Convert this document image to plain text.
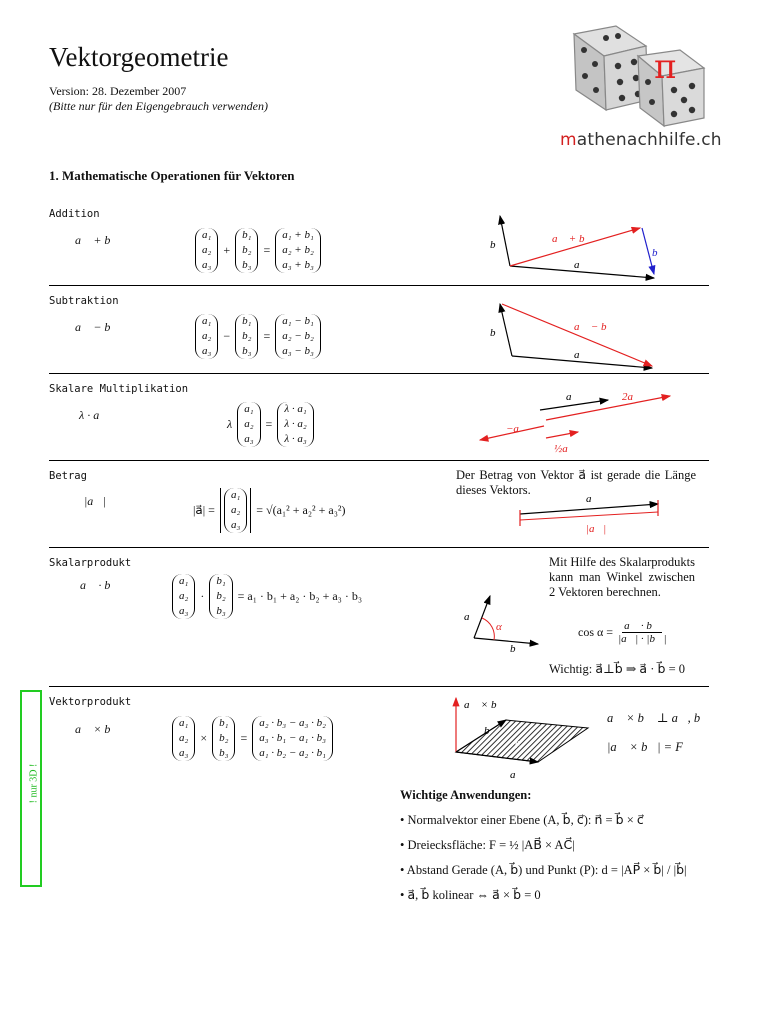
Vektorgeometrie
Version: 28. Dezember 2007
(Bitte nur für den Eigengebrauch verwenden)
π
mathenachhilfe.ch
1. Mathematische Operationen für Vektoren
Addition
a⃗ + b⃗	a₁
a₂
a₃
+
b₁
b₂
b₃
=
a₁ + b₁
a₂ + b₂
a₃ + b₃
b⃗	a⃗ + b⃗
a⃗
b⃗
Subtraktion
a⃗ − b⃗	a₁
a₂
a₃
−
b₁
b₂
b₃
=
a₁ − b₁
a₂ − b₂
a₃ − b₃
b⃗	a⃗ − b⃗
a⃗
Skalare Multiplikation
λ · a⃗
λ
a₁
a₂
a₃
=
λ · a₁
λ · a₂
λ · a₃
a⃗	2a⃗
−a⃗
½a⃗
Betrag
|a⃗|
|a⃗| =
a₁
a₂
a₃
= √(a₁² + a₂² + a₃²)
Der Betrag von Vektor a⃗ ist gerade die Länge dieses Vektors.
a⃗
|a⃗|
Skalarprodukt
a⃗ · b⃗	a₁
a₂
a₃
·
b₁
b₂
b₃
= a₁ · b₁ + a₂ · b₂ + a₃ · b₃
Mit Hilfe des Skalarprodukts kann man Winkel zwischen 2 Vektoren berechnen.
a⃗
α
b⃗
$\cos \alpha = \frac{a⃗ \cdot b⃗}{|a⃗| \cdot |b⃗|}$
Wichtig: a⃗⊥b⃗ ⇒ a⃗ · b⃗ = 0
Vektorprodukt
a⃗ × b⃗	a₁
a₂
a₃
×
b₁
b₂
b₃
=
a₂ · b₃ − a₃ · b₂
a₃ · b₁ − a₁ · b₃
a₁ · b₂ − a₂ · b₁
a⃗ × b⃗
b⃗
a⃗
F
a⃗ × b⃗ ⊥ a⃗, b⃗
|a⃗ × b⃗| = F
! nur 3D !	Wichtige Anwendungen:
• Normalvektor einer Ebene (A, b⃗, c⃗): n⃗ = b⃗ × c⃗
• Dreiecksfläche: F = ½ |AB⃗ × AC⃗|
• Abstand Gerade (A, b⃗) und Punkt (P): d = |AP⃗ × b⃗| / |b⃗|
• a⃗, b⃗ kolinear ⇔ a⃗ × b⃗ = 0
